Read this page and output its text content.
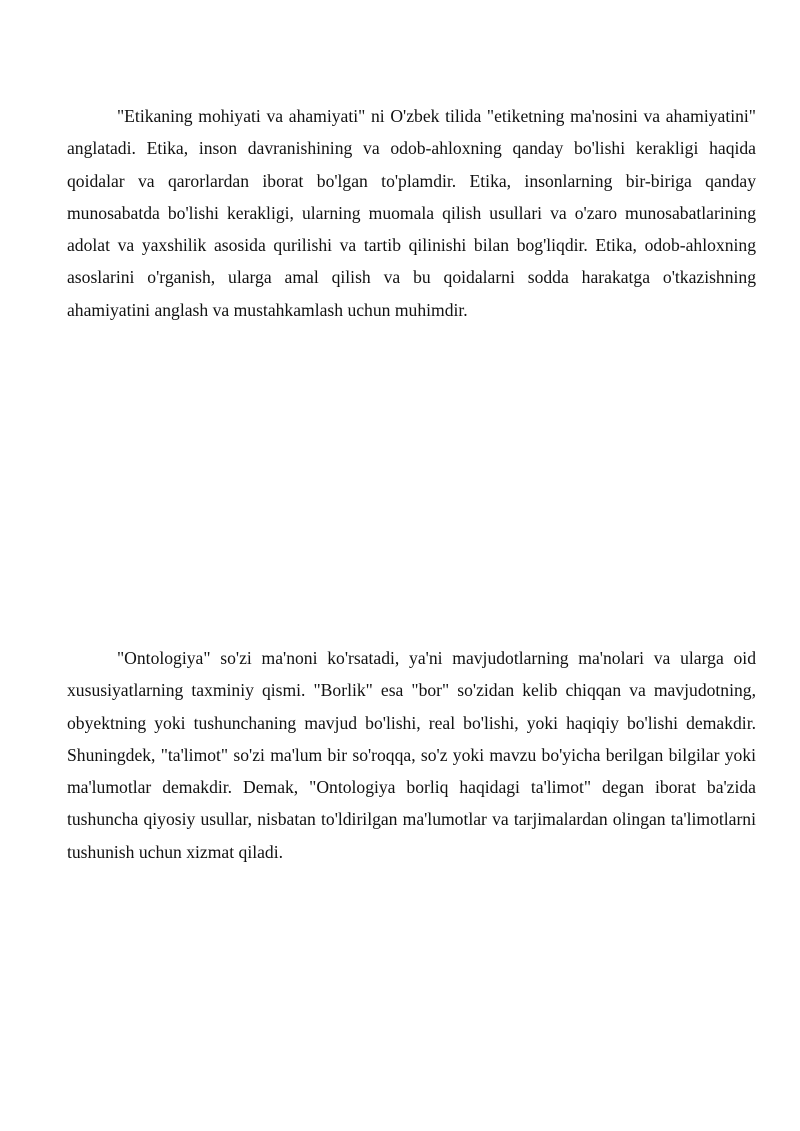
"Etikaning mohiyati va ahamiyati" ni O'zbek tilida "etiketning ma'nosini va ahamiyatini" anglatadi. Etika, inson davranishining va odob-ahloxning qanday bo'lishi kerakligi haqida qoidalar va qarorlardan iborat bo'lgan to'plamdir. Etika, insonlarning bir-biriga qanday munosabatda bo'lishi kerakligi, ularning muomala qilish usullari va o'zaro munosabatlarining adolat va yaxshilik asosida qurilishi va tartib qilinishi bilan bog'liqdir. Etika, odob-ahloxning asoslarini o'rganish, ularga amal qilish va bu qoidalarni sodda harakatga o'tkazishning ahamiyatini anglash va mustahkamlash uchun muhimdir.

"Ontologiya" so'zi ma'noni ko'rsatadi, ya'ni mavjudotlarning ma'nolari va ularga oid xususiyatlarning taxminiy qismi. "Borlik" esa "bor" so'zidan kelib chiqqan va mavjudotning, obyektning yoki tushunchaning mavjud bo'lishi, real bo'lishi, yoki haqiqiy bo'lishi demakdir. Shuningdek, "ta'limot" so'zi ma'lum bir so'roqqa, so'z yoki mavzu bo'yicha berilgan bilgilar yoki ma'lumotlar demakdir. Demak, "Ontologiya borliq haqidagi ta'limot" degan iborat ba'zida tushuncha qiyosiy usullar, nisbatan to'ldirilgan ma'lumotlar va tarjimalardan olingan ta'limotlarni tushunish uchun xizmat qiladi.
